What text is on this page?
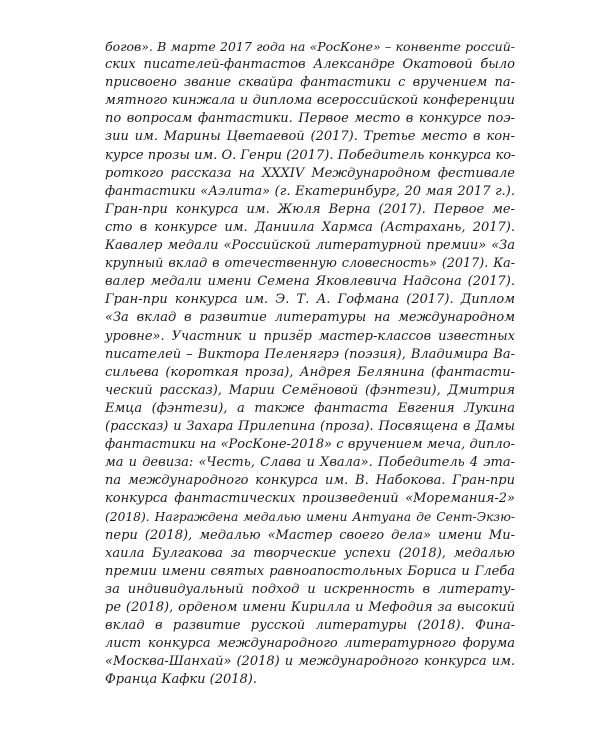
богов». В марте 2017 года на «РосКоне» – конвенте россий-
ских писателей-фантастов Александре Окатовой было
присвоено звание сквайра фантастики с вручением па-
мятного кинжала и диплома всероссийской конференции
по вопросам фантастики. Первое место в конкурсе поэ-
зии им. Марины Цветаевой (2017). Третье место в кон-
курсе прозы им. О. Генри (2017). Победитель конкурса ко-
роткого рассказа на XXXIV Международном фестивале
фантастики «Аэлита» (г. Екатеринбург, 20 мая 2017 г.).
Гран-при конкурса им. Жюля Верна (2017). Первое ме-
сто в конкурсе им. Даниила Хармса (Астрахань, 2017).
Кавалер медали «Российской литературной премии» «За
крупный вклад в отечественную словесность» (2017). Ка-
валер медали имени Семена Яковлевича Надсона (2017).
Гран-при конкурса им. Э. Т. А. Гофмана (2017). Диплом
«За вклад в развитие литературы на международном
уровне». Участник и призёр мастер-классов известных
писателей – Виктора Пеленягрэ (поэзия), Владимира Ва-
сильева (короткая проза), Андрея Белянина (фантасти-
ческий рассказ), Марии Семёновой (фэнтези), Дмитрия
Емца (фэнтези), а также фантаста Евгения Лукина
(рассказ) и Захара Прилепина (проза). Посвящена в Дамы
фантастики на «РосКоне-2018» с вручением меча, дипло-
ма и девиза: «Честь, Слава и Хвала». Победитель 4 эта-
па международного конкурса им. В. Набокова. Гран-при
конкурса фантастических произведений «Моремания-2»
(2018). Награждена медалью имени Антуана де Сент-Экзю-
пери (2018), медалью «Мастер своего дела» имени Ми-
хаила Булгакова за творческие успехи (2018), медалью
премии имени святых равноапостольных Бориса и Глеба
за индивидуальный подход и искренность в литерату-
ре (2018), орденом имени Кирилла и Мефодия за высокий
вклад в развитие русской литературы (2018). Фина-
лист конкурса международного литературного форума
«Москва-Шанхай» (2018) и международного конкурса им.
Франца Кафки (2018).
